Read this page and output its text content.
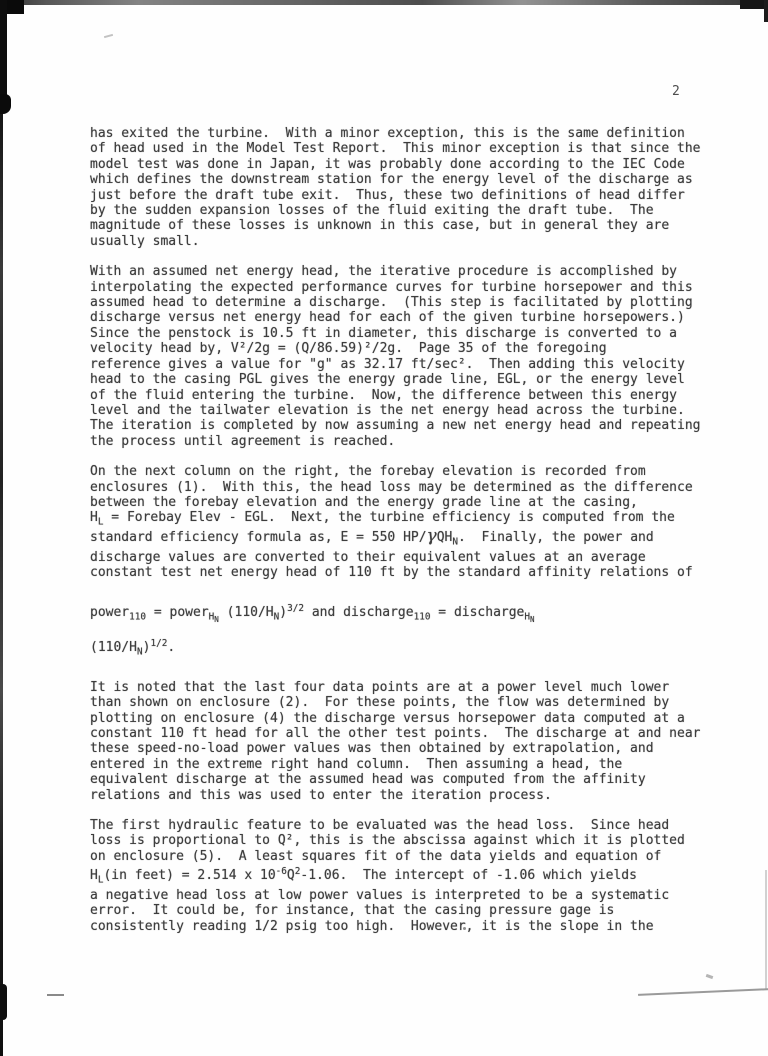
2
has exited the turbine.  With a minor exception, this is the same definition
of head used in the Model Test Report.  This minor exception is that since the
model test was done in Japan, it was probably done according to the IEC Code
which defines the downstream station for the energy level of the discharge as
just before the draft tube exit.  Thus, these two definitions of head differ
by the sudden expansion losses of the fluid exiting the draft tube.  The
magnitude of these losses is unknown in this case, but in general they are
usually small.
With an assumed net energy head, the iterative procedure is accomplished by
interpolating the expected performance curves for turbine horsepower and this
assumed head to determine a discharge.  (This step is facilitated by plotting
discharge versus net energy head for each of the given turbine horsepowers.)
Since the penstock is 10.5 ft in diameter, this discharge is converted to a
velocity head by, V²/2g = (Q/86.59)²/2g.  Page 35 of the foregoing
reference gives a value for "g" as 32.17 ft/sec².  Then adding this velocity
head to the casing PGL gives the energy grade line, EGL, or the energy level
of the fluid entering the turbine.  Now, the difference between this energy
level and the tailwater elevation is the net energy head across the turbine.
The iteration is completed by now assuming a new net energy head and repeating
the process until agreement is reached.
On the next column on the right, the forebay elevation is recorded from
enclosures (1).  With this, the head loss may be determined as the difference
between the forebay elevation and the energy grade line at the casing,
$H_L$ = Forebay Elev - EGL.  Next, the turbine efficiency is computed from the
standard efficiency formula as, E = 550 HP/γQH$_N$.  Finally, the power and
discharge values are converted to their equivalent values at an average
constant test net energy head of 110 ft by the standard affinity relations of
power$_{110}$ = power$_{HN}$ $(110/H_N)^{3/2}$ and discharge$_{110}$ = discharge$_{HN}$
$(110/H_N)^{1/2}$.
It is noted that the last four data points are at a power level much lower
than shown on enclosure (2).  For these points, the flow was determined by
plotting on enclosure (4) the discharge versus horsepower data computed at a
constant 110 ft head for all the other test points.  The discharge at and near
these speed-no-load power values was then obtained by extrapolation, and
entered in the extreme right hand column.  Then assuming a head, the
equivalent discharge at the assumed head was computed from the affinity
relations and this was used to enter the iteration process.
The first hydraulic feature to be evaluated was the head loss.  Since head
loss is proportional to Q², this is the abscissa against which it is plotted
on enclosure (5).  A least squares fit of the data yields and equation of
$H_L(in$ feet) = 2.514 x $10^{-6}Q^2-1.06$.  The intercept of -1.06 which yields
a negative head loss at low power values is interpreted to be a systematic
error.  It could be, for instance, that the casing pressure gage is
consistently reading 1/2 psig too high.  However, it is the slope in the
